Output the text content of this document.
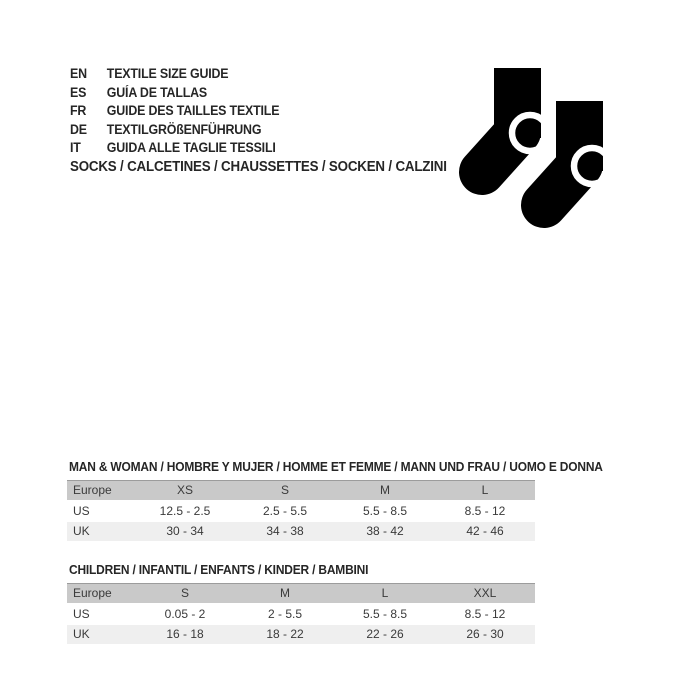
EN	TEXTILE SIZE GUIDE
ES	GUÍA DE TALLAS
FR	GUIDE DES TAILLES TEXTILE
DE	TEXTILGRÖßENFÜHRUNG
IT	GUIDA ALLE TAGLIE TESSILI
SOCKS / CALCETINES / CHAUSSETTES / SOCKEN / CALZINI
MAN & WOMAN / HOMBRE Y MUJER / HOMME ET FEMME / MANN UND FRAU / UOMO E DONNA
Europe	XS	S	M	L
US	12.5 - 2.5	2.5 - 5.5	5.5 - 8.5	8.5 - 12
UK	30 - 34	34 - 38	38 - 42	42 - 46
CHILDREN / INFANTIL / ENFANTS / KINDER / BAMBINI
Europe	S	M	L	XXL
US	0.05 - 2	2 - 5.5	5.5 - 8.5	8.5 - 12
UK	16 - 18	18 - 22	22 - 26	26 - 30
